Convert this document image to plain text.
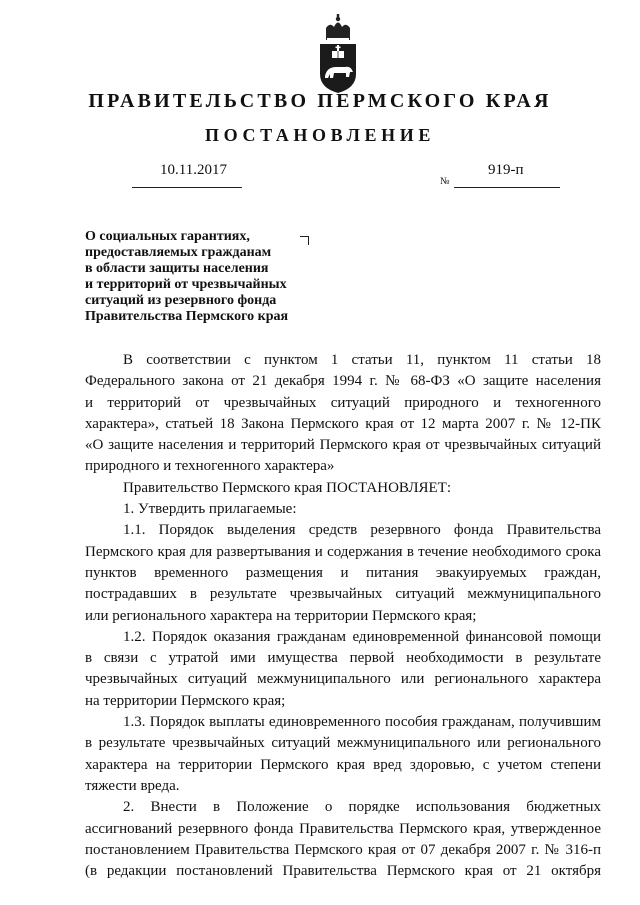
ПРАВИТЕЛЬСТВО ПЕРМСКОГО КРАЯ
ПОСТАНОВЛЕНИЕ
10.11.2017	919-п
№
О социальных гарантиях,
предоставляемых гражданам
в области защиты населения
и территорий от чрезвычайных
ситуаций из резервного фонда
Правительства Пермского края
В соответствии с пунктом 1 статьи 11, пунктом 11 статьи 18
Федерального закона от 21 декабря 1994 г. № 68-ФЗ «О защите населения
и территорий от чрезвычайных ситуаций природного и техногенного
характера», статьей 18 Закона Пермского края от 12 марта 2007 г. № 12-ПК
«О защите населения и территорий Пермского края от чрезвычайных ситуаций
природного и техногенного характера»
Правительство Пермского края ПОСТАНОВЛЯЕТ:
1. Утвердить прилагаемые:
1.1. Порядок выделения средств резервного фонда Правительства
Пермского края для развертывания и содержания в течение необходимого срока
пунктов временного размещения и питания эвакуируемых граждан,
пострадавших в результате чрезвычайных ситуаций межмуниципального
или регионального характера на территории Пермского края;
1.2. Порядок оказания гражданам единовременной финансовой помощи
в связи с утратой ими имущества первой необходимости в результате
чрезвычайных ситуаций межмуниципального или регионального характера
на территории Пермского края;
1.3. Порядок выплаты единовременного пособия гражданам, получившим
в результате чрезвычайных ситуаций межмуниципального или регионального
характера на территории Пермского края вред здоровью, с учетом степени
тяжести вреда.
2. Внести в Положение о порядке использования бюджетных
ассигнований резервного фонда Правительства Пермского края, утвержденное
постановлением Правительства Пермского края от 07 декабря 2007 г. № 316-п
(в редакции постановлений Правительства Пермского края от 21 октября
